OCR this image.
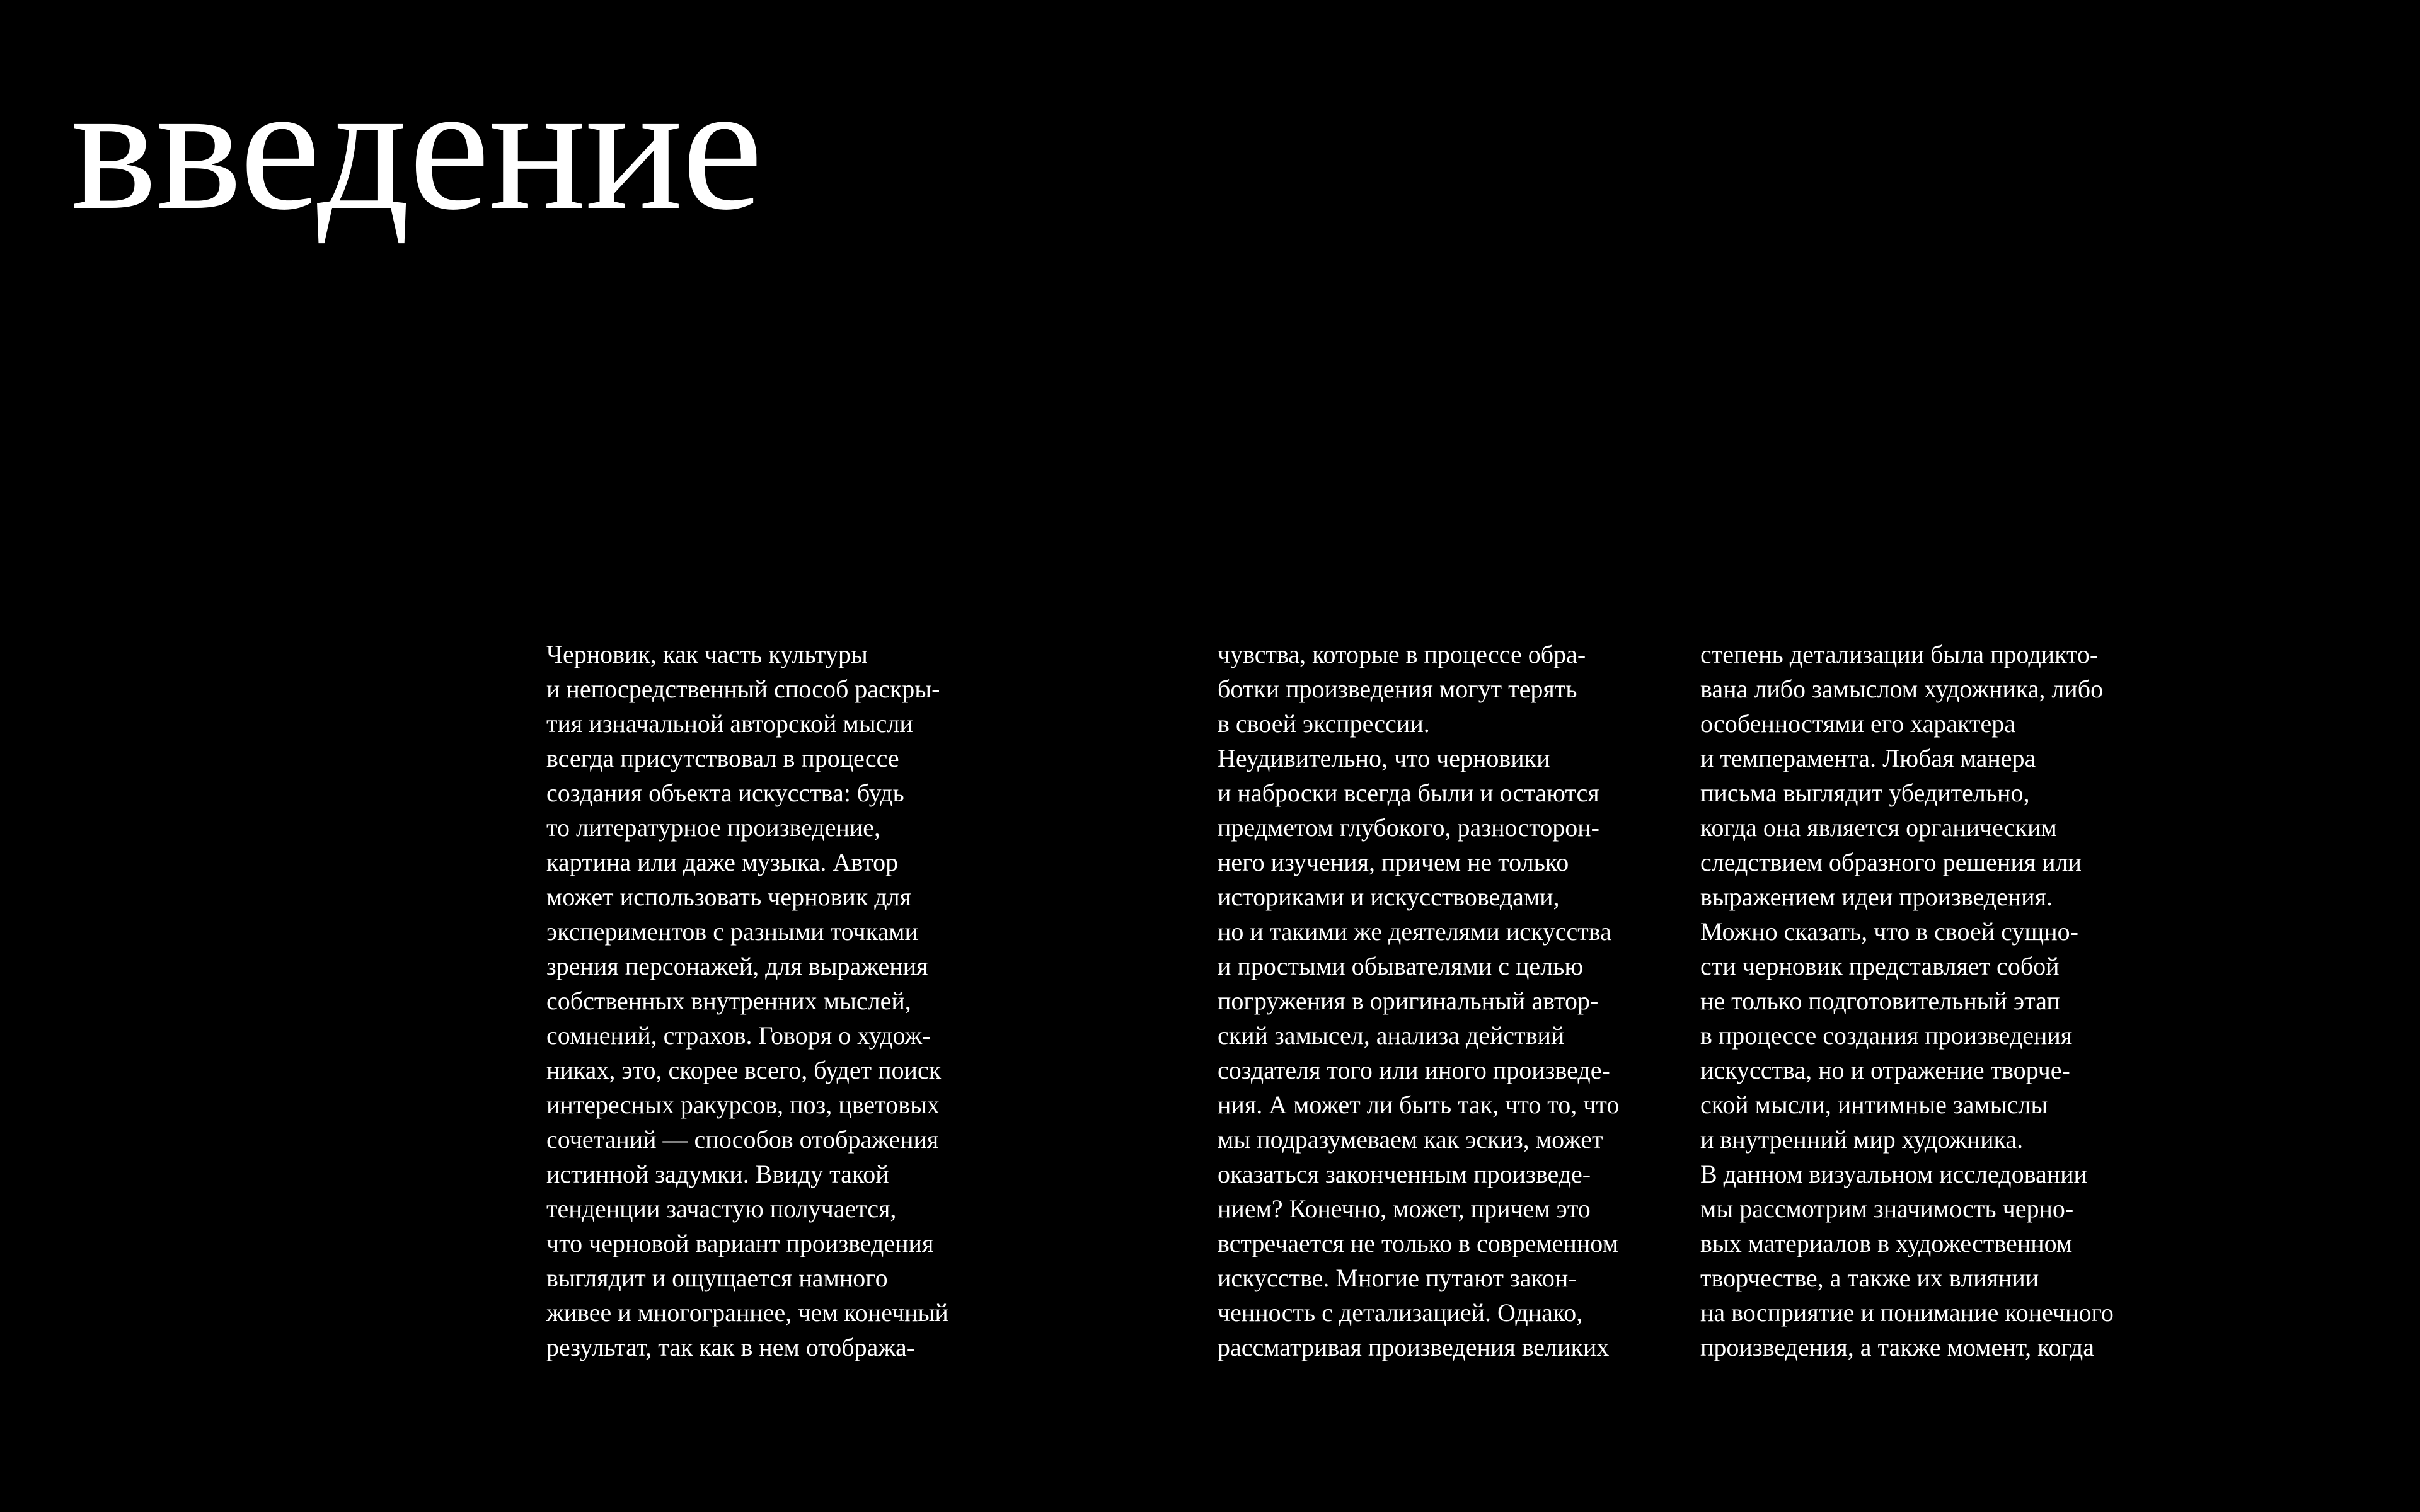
введение
Черновик, как часть культуры
и непосредственный способ раскры-
тия изначальной авторской мысли
всегда присутствовал в процессе
создания объекта искусства: будь
то литературное произведение,
картина или даже музыка. Автор
может использовать черновик для
экспериментов с разными точками
зрения персонажей, для выражения
собственных внутренних мыслей,
сомнений, страхов. Говоря о худож-
никах, это, скорее всего, будет поиск
интересных ракурсов, поз, цветовых
сочетаний — способов отображения
истинной задумки. Ввиду такой
тенденции зачастую получается,
что черновой вариант произведения
выглядит и ощущается намного
живее и многограннее, чем конечный
результат, так как в нем отобража-
чувства, которые в процессе обра-
ботки произведения могут терять
в своей экспрессии.
Неудивительно, что черновики
и наброски всегда были и остаются
предметом глубокого, разносторон-
него изучения, причем не только
историками и искусствоведами,
но и такими же деятелями искусства
и простыми обывателями с целью
погружения в оригинальный автор-
ский замысел, анализа действий
создателя того или иного произведе-
ния. А может ли быть так, что то, что
мы подразумеваем как эскиз, может
оказаться законченным произведе-
нием? Конечно, может, причем это
встречается не только в современном
искусстве. Многие путают закон-
ченность с детализацией. Однако,
рассматривая произведения великих
степень детализации была продикто-
вана либо замыслом художника, либо
особенностями его характера
и темперамента. Любая манера
письма выглядит убедительно,
когда она является органическим
следствием образного решения или
выражением идеи произведения.
Можно сказать, что в своей сущно-
сти черновик представляет собой
не только подготовительный этап
в процессе создания произведения
искусства, но и отражение творче-
ской мысли, интимные замыслы
и внутренний мир художника.
В данном визуальном исследовании
мы рассмотрим значимость черно-
вых материалов в художественном
творчестве, а также их влиянии
на восприятие и понимание конечного
произведения, а также момент, когда
